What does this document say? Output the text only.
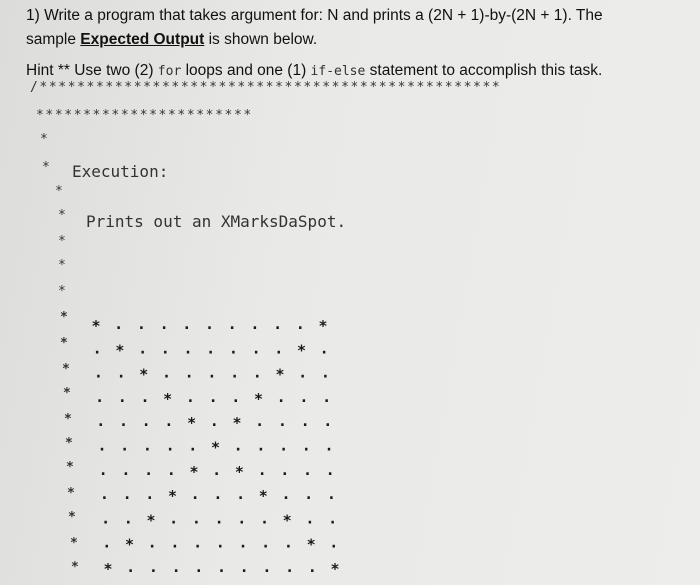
1) Write a program that takes argument for: N and prints a (2N + 1)-by-(2N + 1). The
sample Expected Output is shown below.
Hint ** Use two (2) for loops and one (1) if-else statement to accomplish this task.
/*************************************************
***********************
*
*
*
*
*
*
*
*
*
*
*
*
*
*
*
*
*
*
Execution:
Prints out an XMarksDaSpot.
* . . . . . . . . . *
. * . . . . . . . * .
. . * . . . . . * . .
. . . * . . . * . . .
. . . . * . * . . . .
. . . . . * . . . . .
. . . . * . * . . . .
. . . * . . . * . . .
. . * . . . . . * . .
. * . . . . . . . * .
* . . . . . . . . . *
